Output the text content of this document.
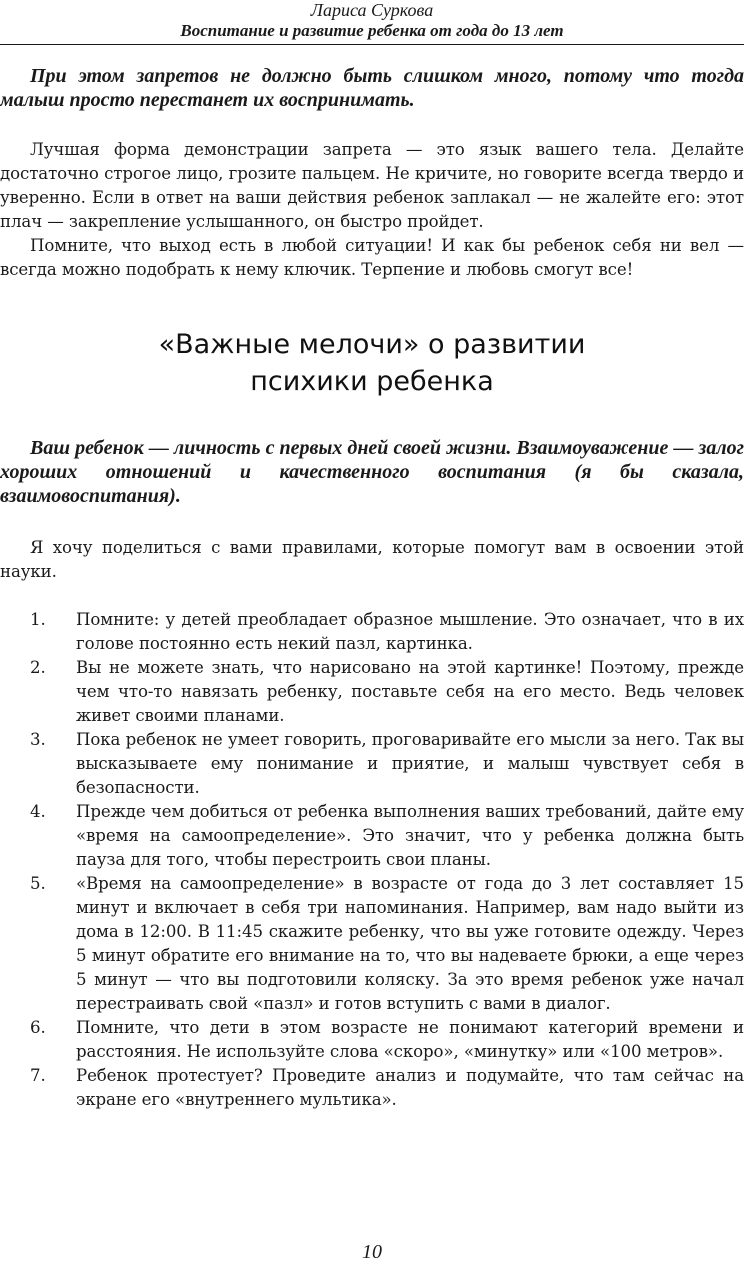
Лариса Суркова
Воспитание и развитие ребенка от года до 13 лет

При этом запретов не должно быть слишком много, потому что тогда малыш просто перестанет их воспринимать.

Лучшая форма демонстрации запрета — это язык вашего тела. Делайте достаточно строгое лицо, грозите пальцем. Не кричите, но говорите всегда твердо и уверенно. Если в ответ на ваши действия ребенок заплакал — не жалейте его: этот плач — закрепление услышанного, он быстро пройдет.

Помните, что выход есть в любой ситуации! И как бы ребенок себя ни вел — всегда можно подобрать к нему ключик. Терпение и любовь смогут все!

«Важные мелочи» о развитии
психики ребенка

Ваш ребенок — личность с первых дней своей жизни. Взаимоуважение — залог хороших отношений и качественного воспитания (я бы сказала, взаимовоспитания).

Я хочу поделиться с вами правилами, которые помогут вам в освоении этой науки.

1. Помните: у детей преобладает образное мышление. Это означает, что в их голове постоянно есть некий пазл, картинка.
2. Вы не можете знать, что нарисовано на этой картинке! Поэтому, прежде чем что-то навязать ребенку, поставьте себя на его место. Ведь человек живет своими планами.
3. Пока ребенок не умеет говорить, проговаривайте его мысли за него. Так вы высказываете ему понимание и приятие, и малыш чувствует себя в безопасности.
4. Прежде чем добиться от ребенка выполнения ваших требований, дайте ему «время на самоопределение». Это значит, что у ребенка должна быть пауза для того, чтобы перестроить свои планы.
5. «Время на самоопределение» в возрасте от года до 3 лет составляет 15 минут и включает в себя три напоминания. Например, вам надо выйти из дома в 12:00. В 11:45 скажите ребенку, что вы уже готовите одежду. Через 5 минут обратите его внимание на то, что вы надеваете брюки, а еще через 5 минут — что вы подготовили коляску. За это время ребенок уже начал перестраивать свой «пазл» и готов вступить с вами в диалог.
6. Помните, что дети в этом возрасте не понимают категорий времени и расстояния. Не используйте слова «скоро», «минутку» или «100 метров».
7. Ребенок протестует? Проведите анализ и подумайте, что там сейчас на экране его «внутреннего мультика».
10
